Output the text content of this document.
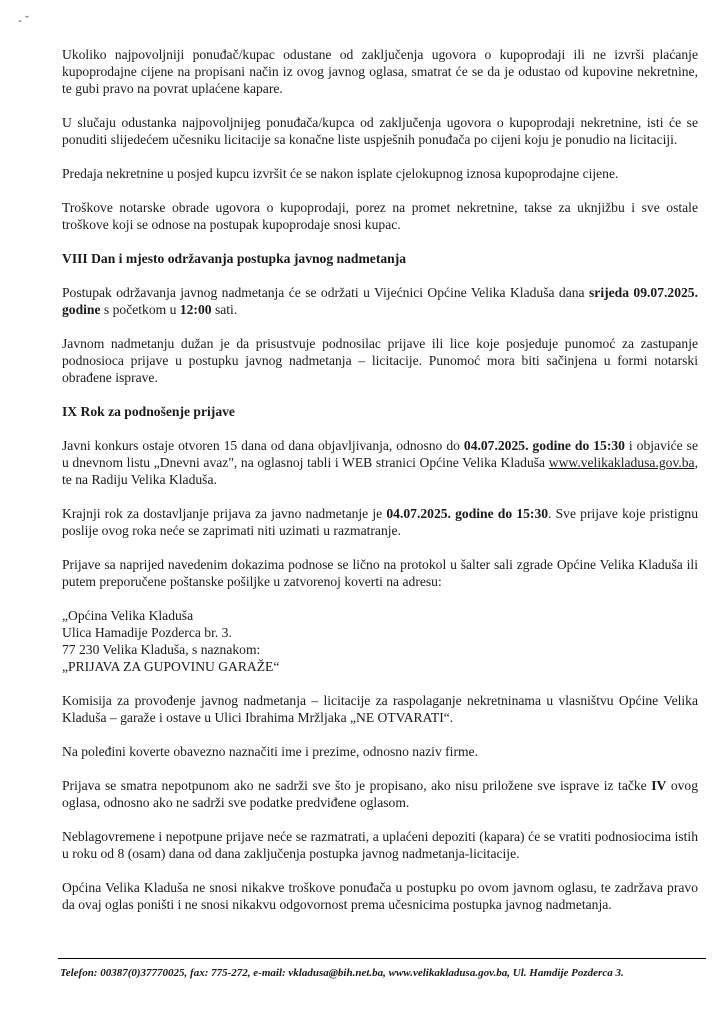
- ˇ

Ukoliko najpovoljniji ponuđač/kupac odustane od zaključenja ugovora o kupoprodaji ili ne izvrši plaćanje kupoprodajne cijene na propisani način iz ovog javnog oglasa, smatrat će se da je odustao od kupovine nekretnine, te gubi pravo na povrat uplaćene kapare.

U slučaju odustanka najpovoljnijeg ponuđača/kupca od zaključenja ugovora o kupoprodaji nekretnine, isti će se ponuditi slijedećem učesniku licitacije sa konačne liste uspješnih ponuđača po cijeni koju je ponudio na licitaciji.

Predaja nekretnine u posjed kupcu izvršit će se nakon isplate cjelokupnog iznosa kupoprodajne cijene.

Troškove notarske obrade ugovora o kupoprodaji, porez na promet nekretnine, takse za uknjižbu i sve ostale troškove koji se odnose na postupak kupoprodaje snosi kupac.

VIII Dan i mjesto održavanja postupka javnog nadmetanja

Postupak održavanja javnog nadmetanja će se održati u Vijećnici Općine Velika Kladuša dana srijeda 09.07.2025. godine s početkom u 12:00 sati.

Javnom nadmetanju dužan je da prisustvuje podnosilac prijave ili lice koje posjeduje punomoć za zastupanje podnosioca prijave u postupku javnog nadmetanja – licitacije. Punomoć mora biti sačinjena u formi notarski obrađene isprave.

IX Rok za podnošenje prijave

Javni konkurs ostaje otvoren 15 dana od dana objavljivanja, odnosno do 04.07.2025. godine do 15:30 i objaviće se u dnevnom listu „Dnevni avaz", na oglasnoj tabli i WEB stranici Općine Velika Kladuša www.velikakladusa.gov.ba, te na Radiju Velika Kladuša.

Krajnji rok za dostavljanje prijava za javno nadmetanje je 04.07.2025. godine do 15:30. Sve prijave koje pristignu poslije ovog roka neće se zaprimati niti uzimati u razmatranje.

Prijave sa naprijed navedenim dokazima podnose se lično na protokol u šalter sali zgrade Općine Velika Kladuša ili putem preporučene poštanske pošiljke u zatvorenoj koverti na adresu:

„Općina Velika Kladuša

Ulica Hamadije Pozderca br. 3.

77 230 Velika Kladuša, s naznakom:

„PRIJAVA ZA GUPOVINU GARAŽE“

Komisija za provođenje javnog nadmetanja – licitacije za raspolaganje nekretninama u vlasništvu Općine Velika Kladuša – garaže i ostave u Ulici Ibrahima Mržljaka „NE OTVARATI“.

Na poleđini koverte obavezno naznačiti ime i prezime, odnosno naziv firme.

Prijava se smatra nepotpunom ako ne sadrži sve što je propisano, ako nisu priložene sve isprave iz tačke IV ovog oglasa, odnosno ako ne sadrži sve podatke predviđene oglasom.

Neblagovremene i nepotpune prijave neće se razmatrati, a uplaćeni depoziti (kapara) će se vratiti podnosiocima istih u roku od 8 (osam) dana od dana zaključenja postupka javnog nadmetanja-licitacije.

Općina Velika Kladuša ne snosi nikakve troškove ponuđača u postupku po ovom javnom oglasu, te zadržava pravo da ovaj oglas poništi i ne snosi nikakvu odgovornost prema učesnicima postupka javnog nadmetanja.

Telefon: 00387(0)37770025, fax: 775-272, e-mail: vkladusa@bih.net.ba, www.velikakladusa.gov.ba, Ul. Hamdije Pozderca 3.
